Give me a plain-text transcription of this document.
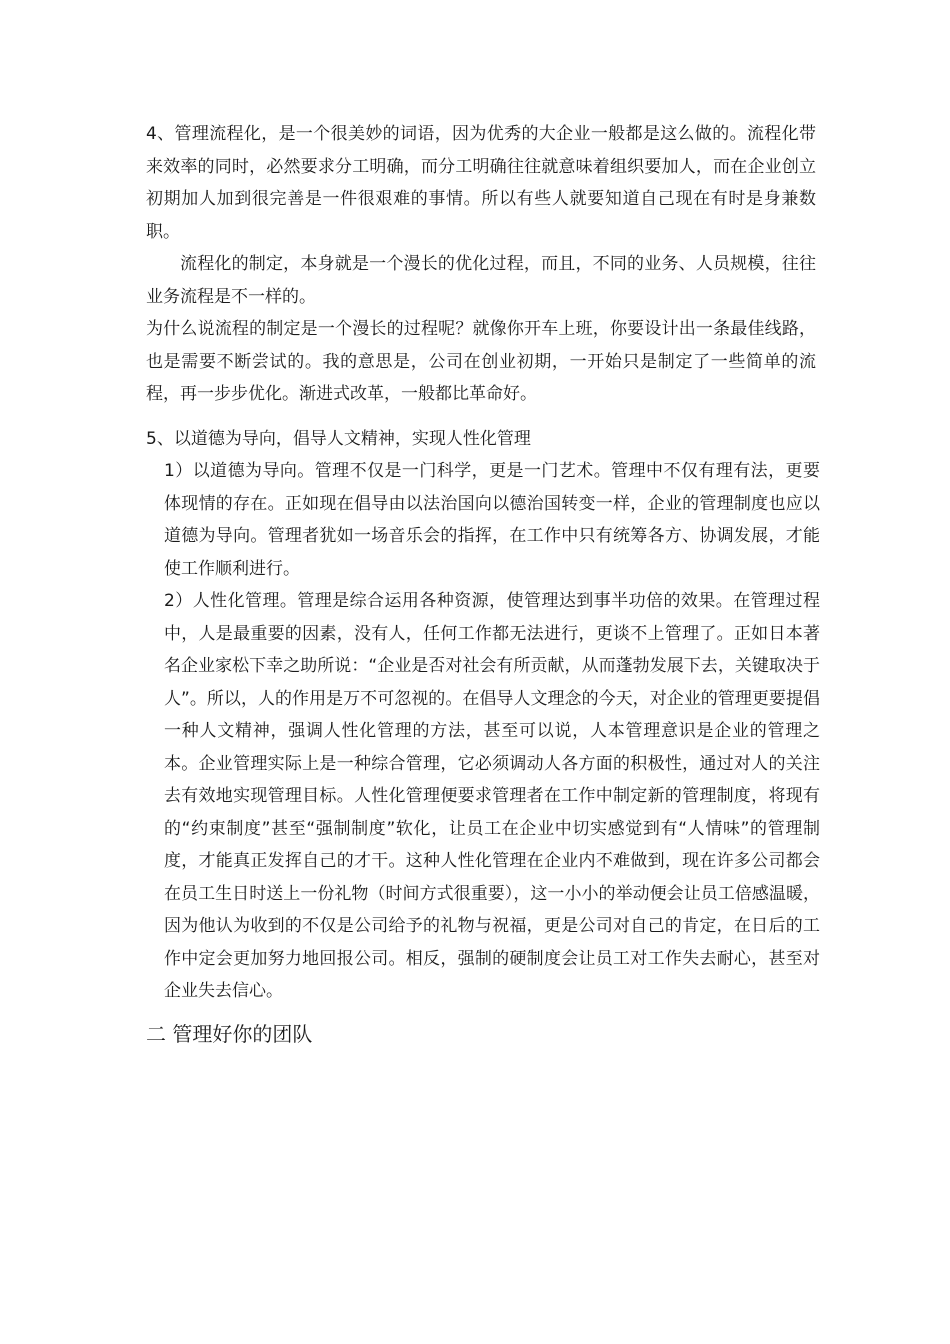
4、管理流程化，是一个很美妙的词语，因为优秀的大企业一般都是这么做的。流程化带来效率的同时，必然要求分工明确，而分工明确往往就意味着组织要加人，而在企业创立初期加人加到很完善是一件很艰难的事情。所以有些人就要知道自己现在有时是身兼数职。

流程化的制定，本身就是一个漫长的优化过程，而且，不同的业务、人员规模，往往业务流程是不一样的。

为什么说流程的制定是一个漫长的过程呢？就像你开车上班，你要设计出一条最佳线路，也是需要不断尝试的。我的意思是，公司在创业初期，一开始只是制定了一些简单的流程，再一步步优化。渐进式改革，一般都比革命好。

5、以道德为导向，倡导人文精神，实现人性化管理

1）以道德为导向。管理不仅是一门科学，更是一门艺术。管理中不仅有理有法，更要体现情的存在。正如现在倡导由以法治国向以德治国转变一样，企业的管理制度也应以道德为导向。管理者犹如一场音乐会的指挥，在工作中只有统筹各方、协调发展，才能使工作顺利进行。

2）人性化管理。管理是综合运用各种资源，使管理达到事半功倍的效果。在管理过程中，人是最重要的因素，没有人，任何工作都无法进行，更谈不上管理了。正如日本著名企业家松下幸之助所说：“企业是否对社会有所贡献，从而蓬勃发展下去，关键取决于人”。所以，人的作用是万不可忽视的。在倡导人文理念的今天，对企业的管理更要提倡一种人文精神，强调人性化管理的方法，甚至可以说，人本管理意识是企业的管理之本。企业管理实际上是一种综合管理，它必须调动人各方面的积极性，通过对人的关注去有效地实现管理目标。人性化管理便要求管理者在工作中制定新的管理制度，将现有的“约束制度”甚至“强制制度”软化，让员工在企业中切实感觉到有“人情味”的管理制度，才能真正发挥自己的才干。这种人性化管理在企业内不难做到，现在许多公司都会在员工生日时送上一份礼物（时间方式很重要），这一小小的举动便会让员工倍感温暖，因为他认为收到的不仅是公司给予的礼物与祝福，更是公司对自己的肯定，在日后的工作中定会更加努力地回报公司。相反，强制的硬制度会让员工对工作失去耐心，甚至对企业失去信心。

二 管理好你的团队
